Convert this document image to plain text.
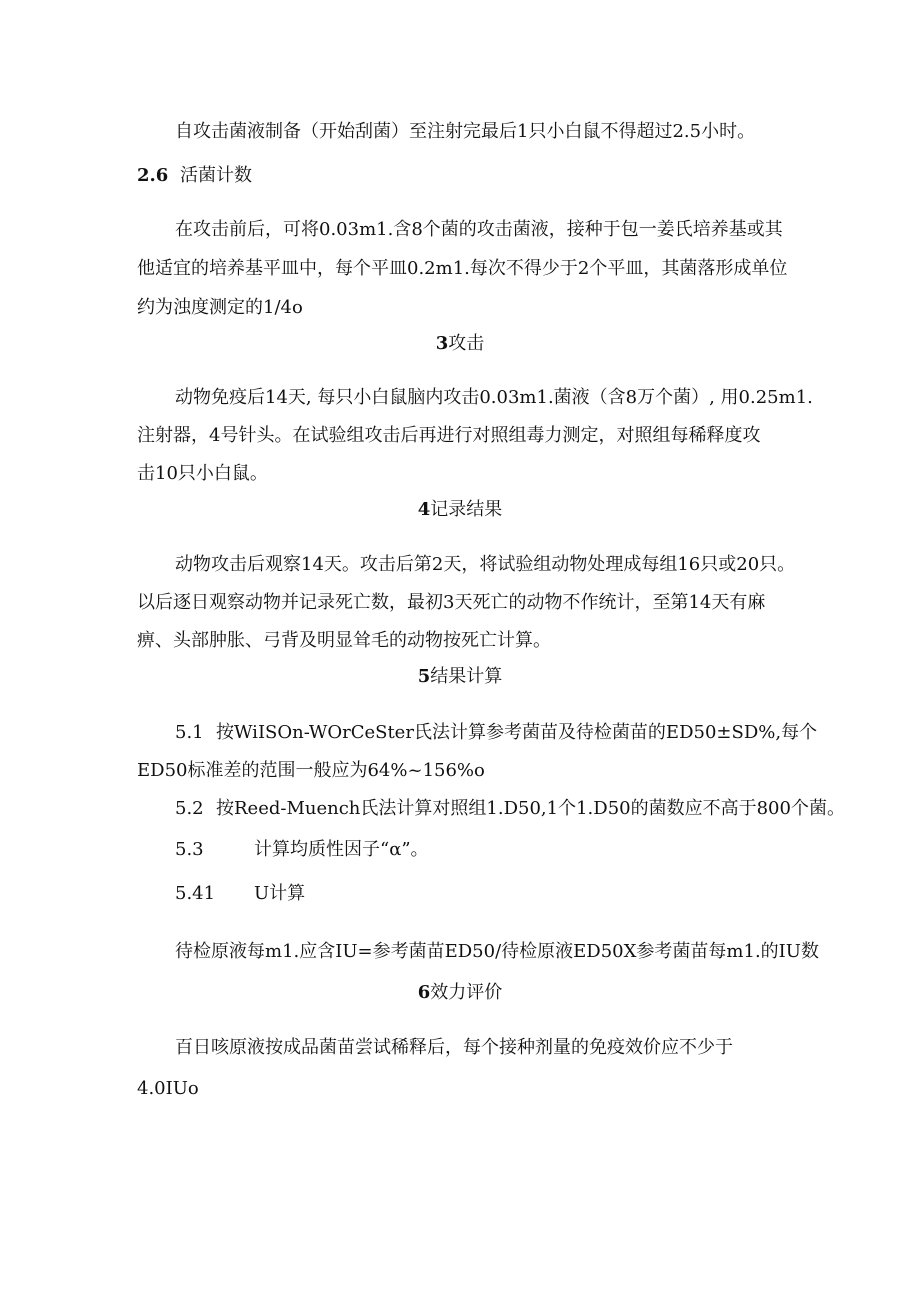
自攻击菌液制备（开始刮菌）至注射完最后1只小白鼠不得超过2.5小时。
2.6 活菌计数
在攻击前后，可将0.03m1.含8个菌的攻击菌液，接种于包一姜氏培养基或其
他适宜的培养基平皿中，每个平皿0.2m1.每次不得少于2个平皿，其菌落形成单位
约为浊度测定的1/4o
3攻击
动物免疫后14天, 每只小白鼠脑内攻击0.03m1.菌液（含8万个菌）, 用0.25m1.
注射器，4号针头。在试验组攻击后再进行对照组毒力测定，对照组每稀释度攻
击10只小白鼠。
4记录结果
动物攻击后观察14天。攻击后第2天，将试验组动物处理成每组16只或20只。
以后逐日观察动物并记录死亡数，最初3天死亡的动物不作统计，至第14天有麻
痹、头部肿胀、弓背及明显耸毛的动物按死亡计算。
5结果计算
5.1 按WiISOn-WOrCeSter氏法计算参考菌苗及待检菌苗的ED50±SD%,每个
ED50标准差的范围一般应为64%~156%o
5.2 按Reed-Muench氏法计算对照组1.D50,1个1.D50的菌数应不高于800个菌。
5.3	计算均质性因子“α”。
5.41 U计算
待检原液每m1.应含IU=参考菌苗ED50/待检原液ED50X参考菌苗每m1.的IU数
6效力评价
百日咳原液按成品菌苗尝试稀释后，每个接种剂量的免疫效价应不少于
4.0IUo
